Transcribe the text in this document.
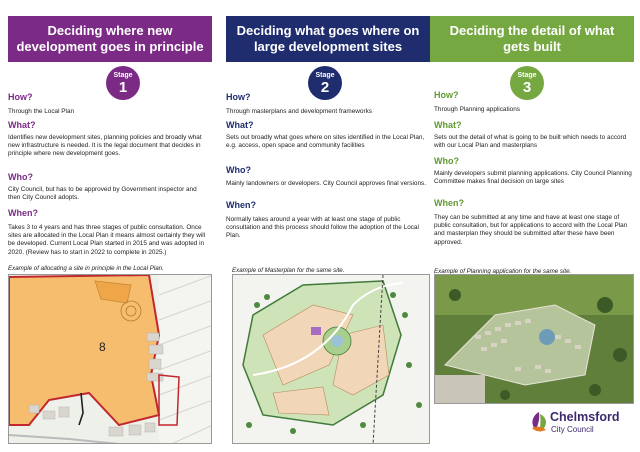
Deciding where new development goes in principle
Stage
1
How?
Through the Local Plan
What?
Identifies new development sites, planning policies and broadly what new infrastructure is needed. It is the legal document that decides in principle where new development goes.
Who?
City Council, but has to be approved by Government inspector and then City Council adopts.
When?
Takes 3 to 4 years and has three stages of public consultation. Once sites are allocated in the Local Plan it means almost certainly they will be developed. Current Local Plan started in 2015 and was adopted in 2020. (Review has to start in 2022 to complete in 2025.)
Example of allocating a site in principle in the Local Plan.
8
Deciding what goes where on large development sites
Stage
2
How?
Through masterplans and development frameworks
What?
Sets out broadly what goes where on sites identified in the Local Plan, e.g. access, open space and community facilities
Who?
Mainly landowners or developers. City Council approves final versions.
When?
Normally takes around a year with at least one stage of public consultation and this process should follow the adoption of the Local Plan.
Example of Masterplan for the same site.
Deciding the detail of what gets built
Stage
3
How?
Through Planning applications
What?
Sets out the detail of what is going to be built which needs to accord with our Local Plan and masterplans
Who?
Mainly developers submit planning applications. City Council Planning Committee makes final decision on large sites
When?
They can be submitted at any time and have at least one stage of public consultation, but for applications to accord with the Local Plan and masterplan they should be submitted after these have been approved.
Example of Planning application for the same site.
Chelmsford
City Council
